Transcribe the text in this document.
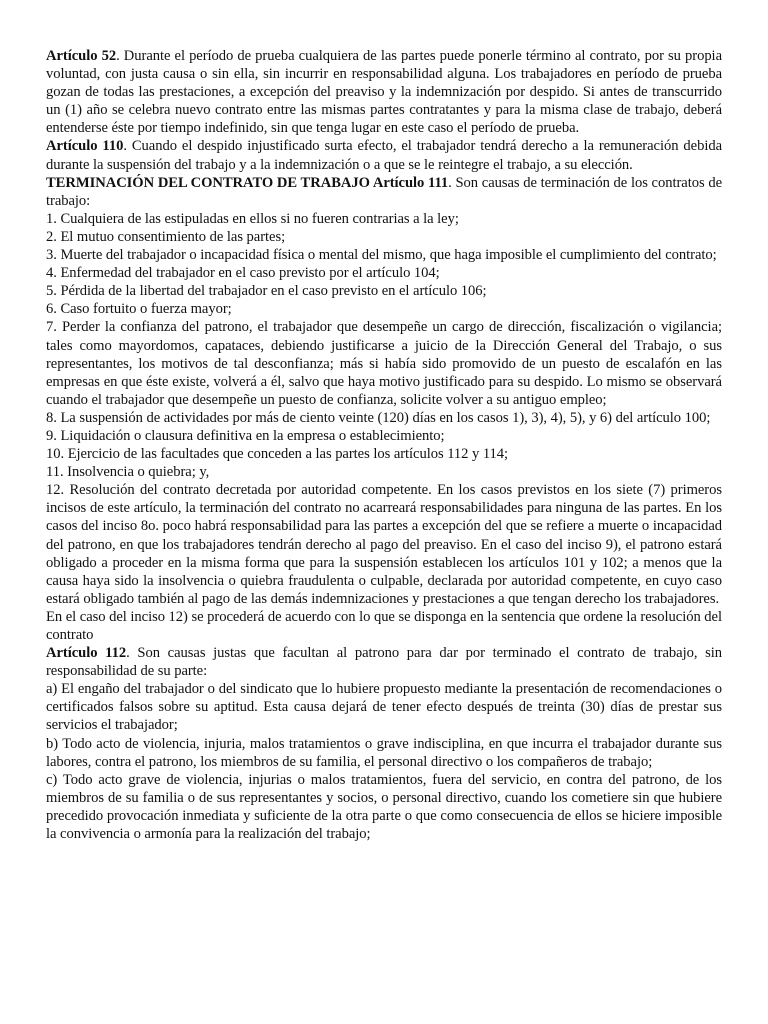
Artículo 52. Durante el período de prueba cualquiera de las partes puede ponerle término al contrato, por su propia voluntad, con justa causa o sin ella, sin incurrir en responsabilidad alguna. Los trabajadores en período de prueba gozan de todas las prestaciones, a excepción del preaviso y la indemnización por despido. Si antes de transcurrido un (1) año se celebra nuevo contrato entre las mismas partes contratantes y para la misma clase de trabajo, deberá entenderse éste por tiempo indefinido, sin que tenga lugar en este caso el período de prueba.

Artículo 110. Cuando el despido injustificado surta efecto, el trabajador tendrá derecho a la remuneración debida durante la suspensión del trabajo y a la indemnización o a que se le reintegre el trabajo, a su elección.

TERMINACIÓN DEL CONTRATO DE TRABAJO Artículo 111. Son causas de terminación de los contratos de trabajo:

1. Cualquiera de las estipuladas en ellos si no fueren contrarias a la ley;

2. El mutuo consentimiento de las partes;

3. Muerte del trabajador o incapacidad física o mental del mismo, que haga imposible el cumplimiento del contrato;

4. Enfermedad del trabajador en el caso previsto por el artículo 104;

5. Pérdida de la libertad del trabajador en el caso previsto en el artículo 106;

6. Caso fortuito o fuerza mayor;

7. Perder la confianza del patrono, el trabajador que desempeñe un cargo de dirección, fiscalización o vigilancia; tales como mayordomos, capataces, debiendo justificarse a juicio de la Dirección General del Trabajo, o sus representantes, los motivos de tal desconfianza; más si había sido promovido de un puesto de escalafón en las empresas en que éste existe, volverá a él, salvo que haya motivo justificado para su despido. Lo mismo se observará cuando el trabajador que desempeñe un puesto de confianza, solicite volver a su antiguo empleo;

8. La suspensión de actividades por más de ciento veinte (120) días en los casos 1), 3), 4), 5), y 6) del artículo 100;

9. Liquidación o clausura definitiva en la empresa o establecimiento;

10. Ejercicio de las facultades que conceden a las partes los artículos 112 y 114;

11. Insolvencia o quiebra; y,

12. Resolución del contrato decretada por autoridad competente. En los casos previstos en los siete (7) primeros incisos de este artículo, la terminación del contrato no acarreará responsabilidades para ninguna de las partes. En los casos del inciso 8o. poco habrá responsabilidad para las partes a excepción del que se refiere a muerte o incapacidad del patrono, en que los trabajadores tendrán derecho al pago del preaviso. En el caso del inciso 9), el patrono estará obligado a proceder en la misma forma que para la suspensión establecen los artículos 101 y 102; a menos que la causa haya sido la insolvencia o quiebra fraudulenta o culpable, declarada por autoridad competente, en cuyo caso estará obligado también al pago de las demás indemnizaciones y prestaciones a que tengan derecho los trabajadores.

En el caso del inciso 12) se procederá de acuerdo con lo que se disponga en la sentencia que ordene la resolución del contrato

Artículo 112. Son causas justas que facultan al patrono para dar por terminado el contrato de trabajo, sin responsabilidad de su parte:

a) El engaño del trabajador o del sindicato que lo hubiere propuesto mediante la presentación de recomendaciones o certificados falsos sobre su aptitud. Esta causa dejará de tener efecto después de treinta (30) días de prestar sus servicios el trabajador;

b) Todo acto de violencia, injuria, malos tratamientos o grave indisciplina, en que incurra el trabajador durante sus labores, contra el patrono, los miembros de su familia, el personal directivo o los compañeros de trabajo;

c) Todo acto grave de violencia, injurias o malos tratamientos, fuera del servicio, en contra del patrono, de los miembros de su familia o de sus representantes y socios, o personal directivo, cuando los cometiere sin que hubiere precedido provocación inmediata y suficiente de la otra parte o que como consecuencia de ellos se hiciere imposible la convivencia o armonía para la realización del trabajo;
